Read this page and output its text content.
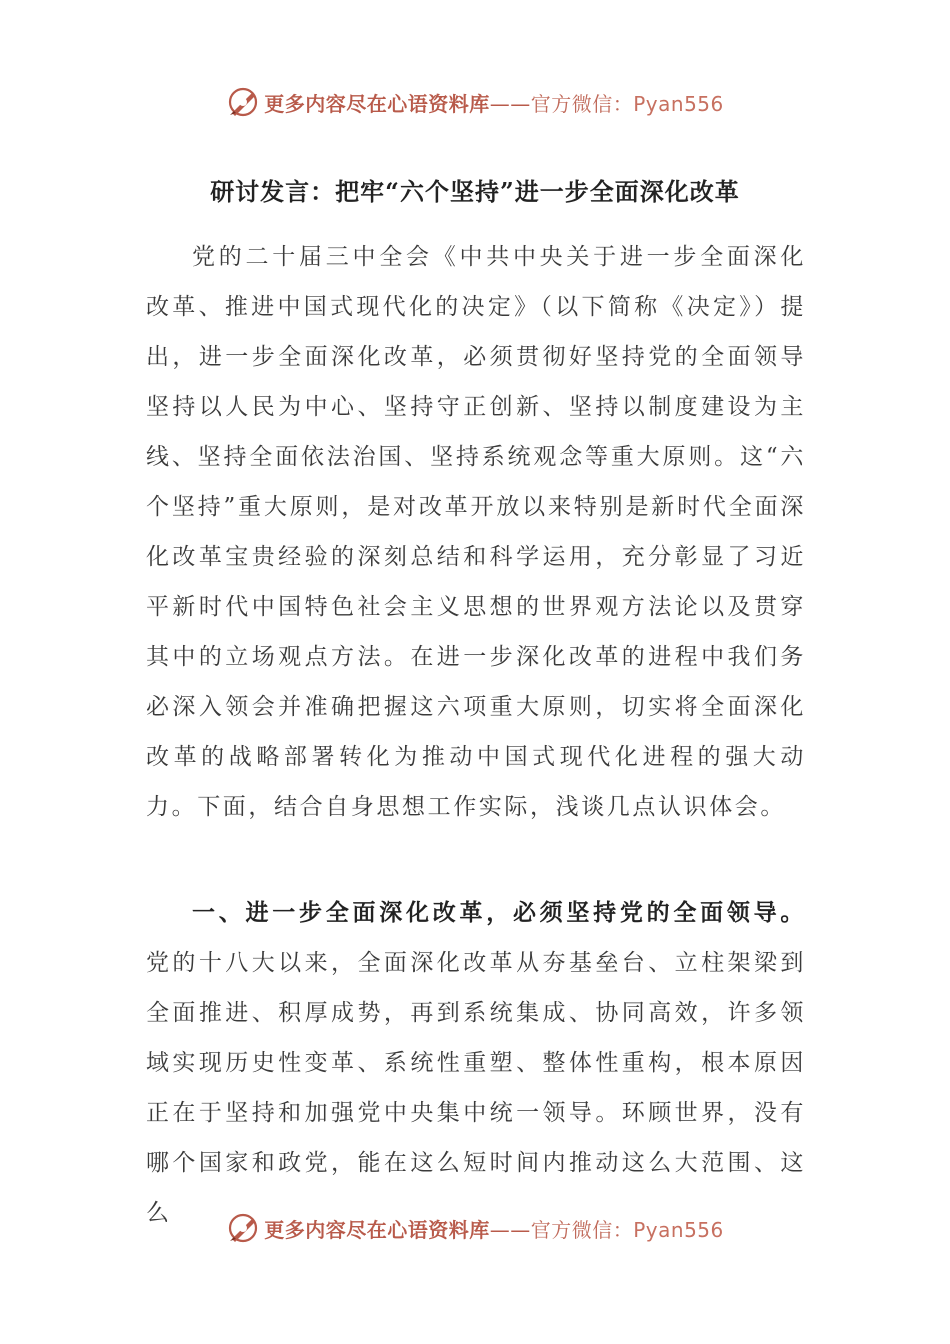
更多内容尽在心语资料库——官方微信：Pyan556
研讨发言：把牢“六个坚持”进一步全面深化改革
党的二十届三中全会《中共中央关于进一步全面深化改革、推进中国式现代化的决定》（以下简称《决定》）提出，进一步全面深化改革，必须贯彻好坚持党的全面领导坚持以人民为中心、坚持守正创新、坚持以制度建设为主线、坚持全面依法治国、坚持系统观念等重大原则。这“六个坚持”重大原则，是对改革开放以来特别是新时代全面深化改革宝贵经验的深刻总结和科学运用，充分彰显了习近平新时代中国特色社会主义思想的世界观方法论以及贯穿其中的立场观点方法。在进一步深化改革的进程中我们务必深入领会并准确把握这六项重大原则，切实将全面深化改革的战略部署转化为推动中国式现代化进程的强大动力。下面，结合自身思想工作实际，浅谈几点认识体会。
一、进一步全面深化改革，必须坚持党的全面领导。党的十八大以来，全面深化改革从夯基垒台、立柱架梁到全面推进、积厚成势，再到系统集成、协同高效，许多领域实现历史性变革、系统性重塑、整体性重构，根本原因正在于坚持和加强党中央集中统一领导。环顾世界，没有哪个国家和政党，能在这么短时间内推动这么大范围、这么
更多内容尽在心语资料库——官方微信：Pyan556
